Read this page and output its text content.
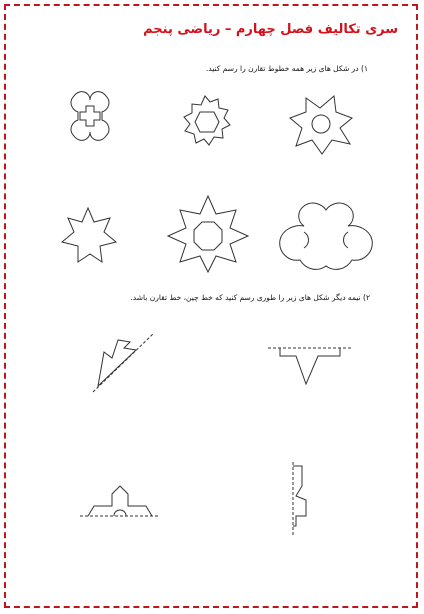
سری تکالیف فصل چهارم – ریاضی پنجم
۱) در شکل های زیر همه خطوط تقارن را رسم کنید.
۲) نیمه دیگر شکل های زیر را طوری رسم کنید که خط چین، خط تقارن باشد.
